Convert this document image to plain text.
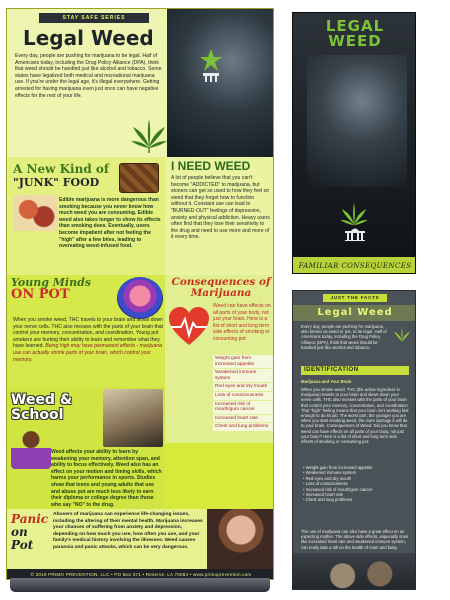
STAY SAFE SERIES
Legal Weed
Every day, people are pushing for marijuana to be legal. Half of Americans today, including the Drug Policy Alliance (DPA), think that weed should be handled just like alcohol and tobacco. Some states have legalized both medical and recreational marijuana use. If you're under the legal age, it's illegal everywhere. Getting arrested for having marijuana even just once can have negative effects for the rest of your life.
A New Kind of
"JUNK" FOOD
Edible marijuana is more dangerous than smoking because you never know how much weed you are consuming. Edible weed also takes longer to show its effects than smoking does. Eventually, users become impatient after not feeling the "high" after a few bites, leading to overeating weed-infused food.
I NEED WEED
A lot of people believe that you can't become "ADDICTED" to marijuana, but stoners can get so used to how they feel on weed that they forget how to function without it. Constant use can lead to "BURNED-OUT" feelings of depression, anxiety and physical addiction. Heavy users often find that they lose their sensitivity to the drug and need to use more and more of it every time.
Young Minds
ON POT
When you smoke weed, THC travels to your brain and slows down your nerve cells. THC also messes with the parts of your brain that control your memory, concentration, and coordination. Young pot smokers are hurting their ability to learn and remember what they have learned. Being high may have permanent effects - marijuana use can actually shrink parts of your brain, which control your memory.
Consequences of Marijuana
Weed can have effects on all parts of your body, not just your brain. Here is a list of short and long term side effects of smoking or consuming pot:
Weight gain from increased appetite
Weakened immune system
Red eyes and dry mouth
Loss of consciousness
Increased risk of mouth/gum cancer
Increased heart rate
Chest and lung problems
Weed &
School
Weed affects your ability to learn by weakening your memory, attention span, and ability to focus effectively. Weed also has an effect on your motion and timing skills, which harms your performance in sports. Studies show that teens and young adults that use and abuse pot are much less likely to earn their diploma or college degree than those who say "NO" to the drug.
Panic
on Pot
Abusers of marijuana can experience life-changing issues, including the altering of their mental health. Marijuana increases your chances of suffering from anxiety and depression, depending on how much you use, how often you use, and your family's medical history involving the illnesses. Weed causes paranoia and panic attacks, which can be very dangerous.
© 2019 PRIMO PREVENTION, LLC • PO Box 371 • Reserve, LA 70084 • www.primoprevention.com
LEGAL
WEED
FAMILIAR CONSEQUENCES
JUST THE FACTS
Legal Weed
Every day, people are pushing for marijuana, also known as weed or pot, to be legal. Half of Americans today, including the Drug Policy Alliance (DPA), think that weed should be handled just like alcohol and tobacco.
IDENTIFICATION
Marijuana and Your Brain
When you smoke weed, THC (the active ingredient in marijuana) travels to your brain and slows down your nerve cells. THC also messes with the parts of your brain that control your memory, concentration, and coordination. That "high" feeling means that your brain isn't working fast enough to do its job. The worst part, the younger you are when you start smoking weed, the more damage it will do to your brain. Consequences of Weed: Did you know that weed can have effects on all parts of your body, not just your brain? Here is a list of short and long term side effects of smoking or consuming pot:
• Weight gain from increased appetite
• Weakened immune system
• Red eyes and dry mouth
• Loss of consciousness
• Increased risk of mouth/gum cancer
• Increased heart rate
• Chest and lung problems
The use of marijuana can also have a great effect on an expecting mother. The above side effects, especially ones like increased heart rate and weakened immune system, can really take a toll on the health of mom and baby.
